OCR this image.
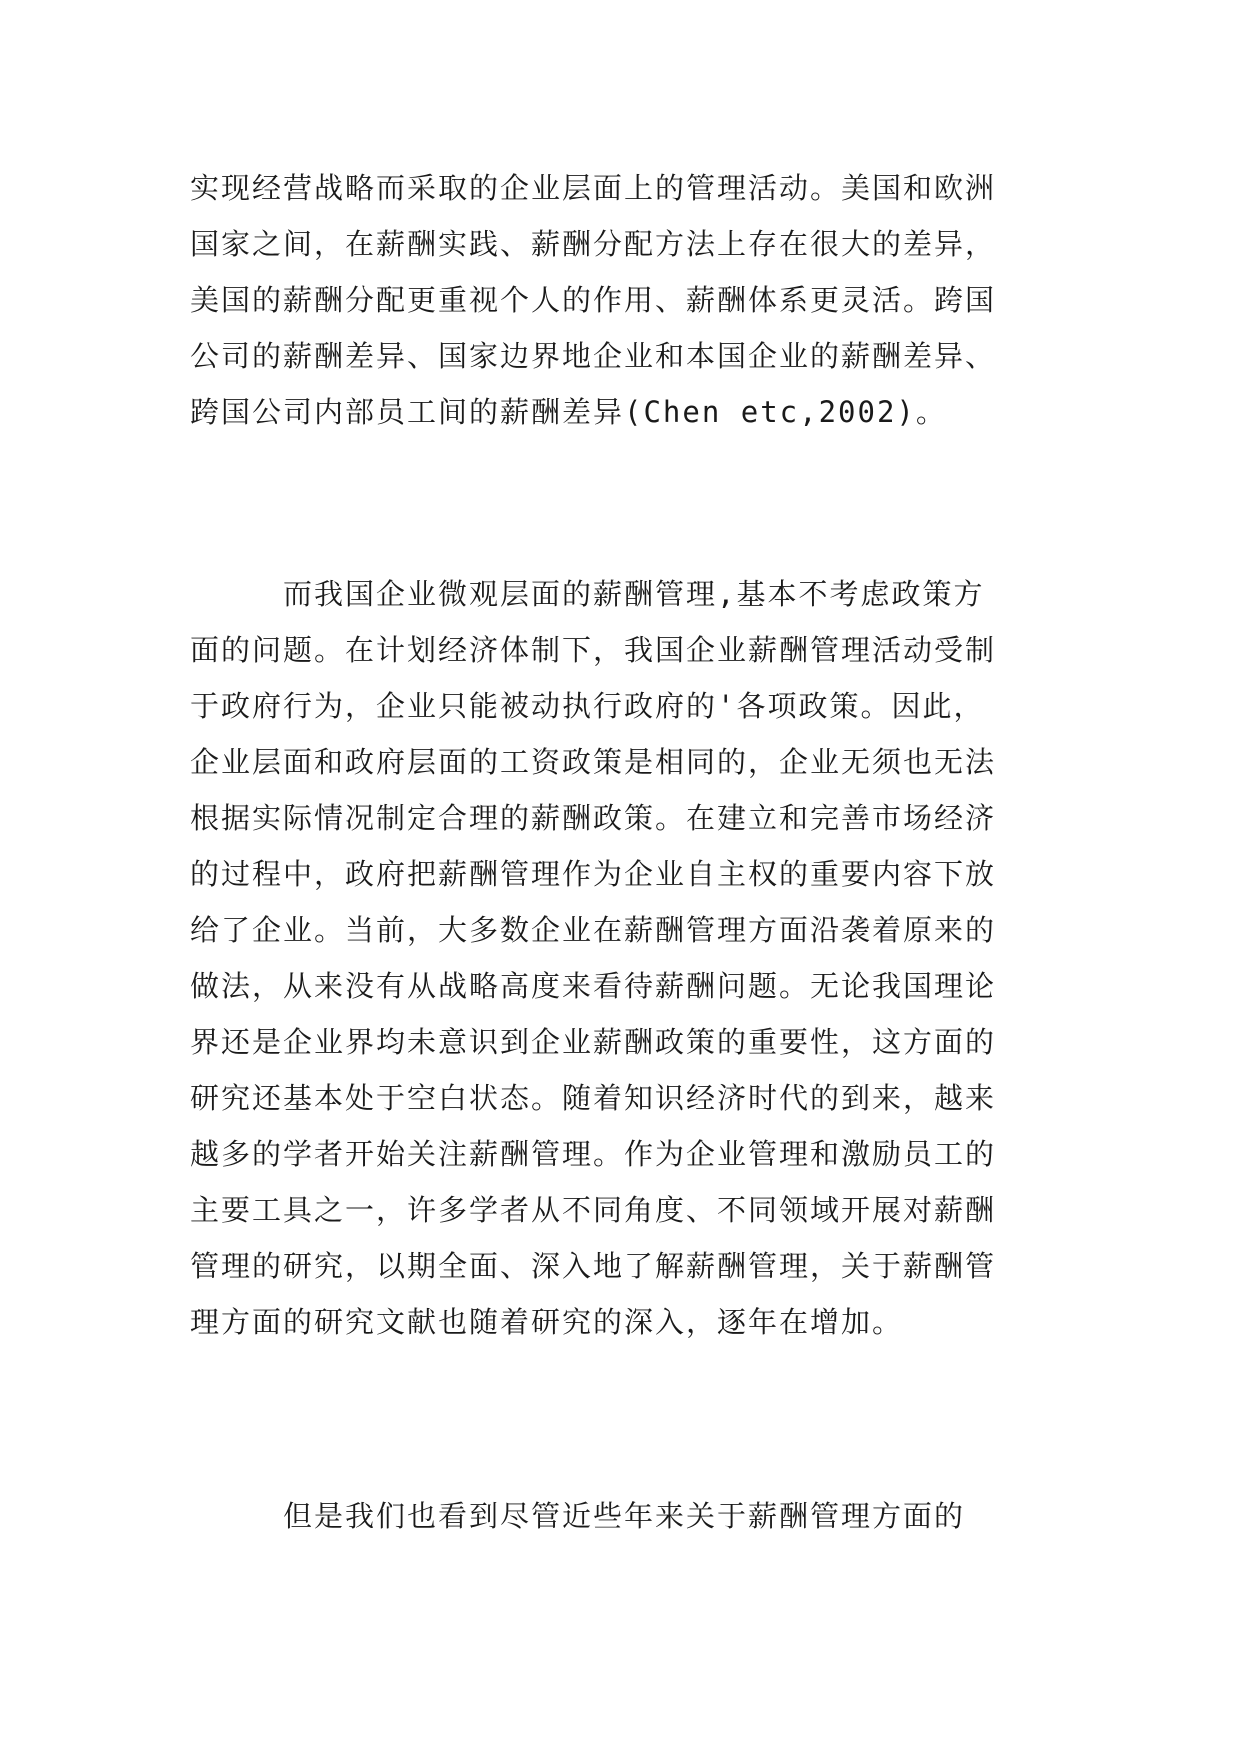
实现经营战略而采取的企业层面上的管理活动。美国和欧洲
国家之间，在薪酬实践、薪酬分配方法上存在很大的差异，
美国的薪酬分配更重视个人的作用、薪酬体系更灵活。跨国
公司的薪酬差异、国家边界地企业和本国企业的薪酬差异、
跨国公司内部员工间的薪酬差异(Chen etc,2002)。
　　　而我国企业微观层面的薪酬管理,基本不考虑政策方
面的问题。在计划经济体制下，我国企业薪酬管理活动受制
于政府行为，企业只能被动执行政府的'各项政策。因此，
企业层面和政府层面的工资政策是相同的，企业无须也无法
根据实际情况制定合理的薪酬政策。在建立和完善市场经济
的过程中，政府把薪酬管理作为企业自主权的重要内容下放
给了企业。当前，大多数企业在薪酬管理方面沿袭着原来的
做法，从来没有从战略高度来看待薪酬问题。无论我国理论
界还是企业界均未意识到企业薪酬政策的重要性，这方面的
研究还基本处于空白状态。随着知识经济时代的到来，越来
越多的学者开始关注薪酬管理。作为企业管理和激励员工的
主要工具之一，许多学者从不同角度、不同领域开展对薪酬
管理的研究，以期全面、深入地了解薪酬管理，关于薪酬管
理方面的研究文献也随着研究的深入，逐年在增加。
　　　但是我们也看到尽管近些年来关于薪酬管理方面的
